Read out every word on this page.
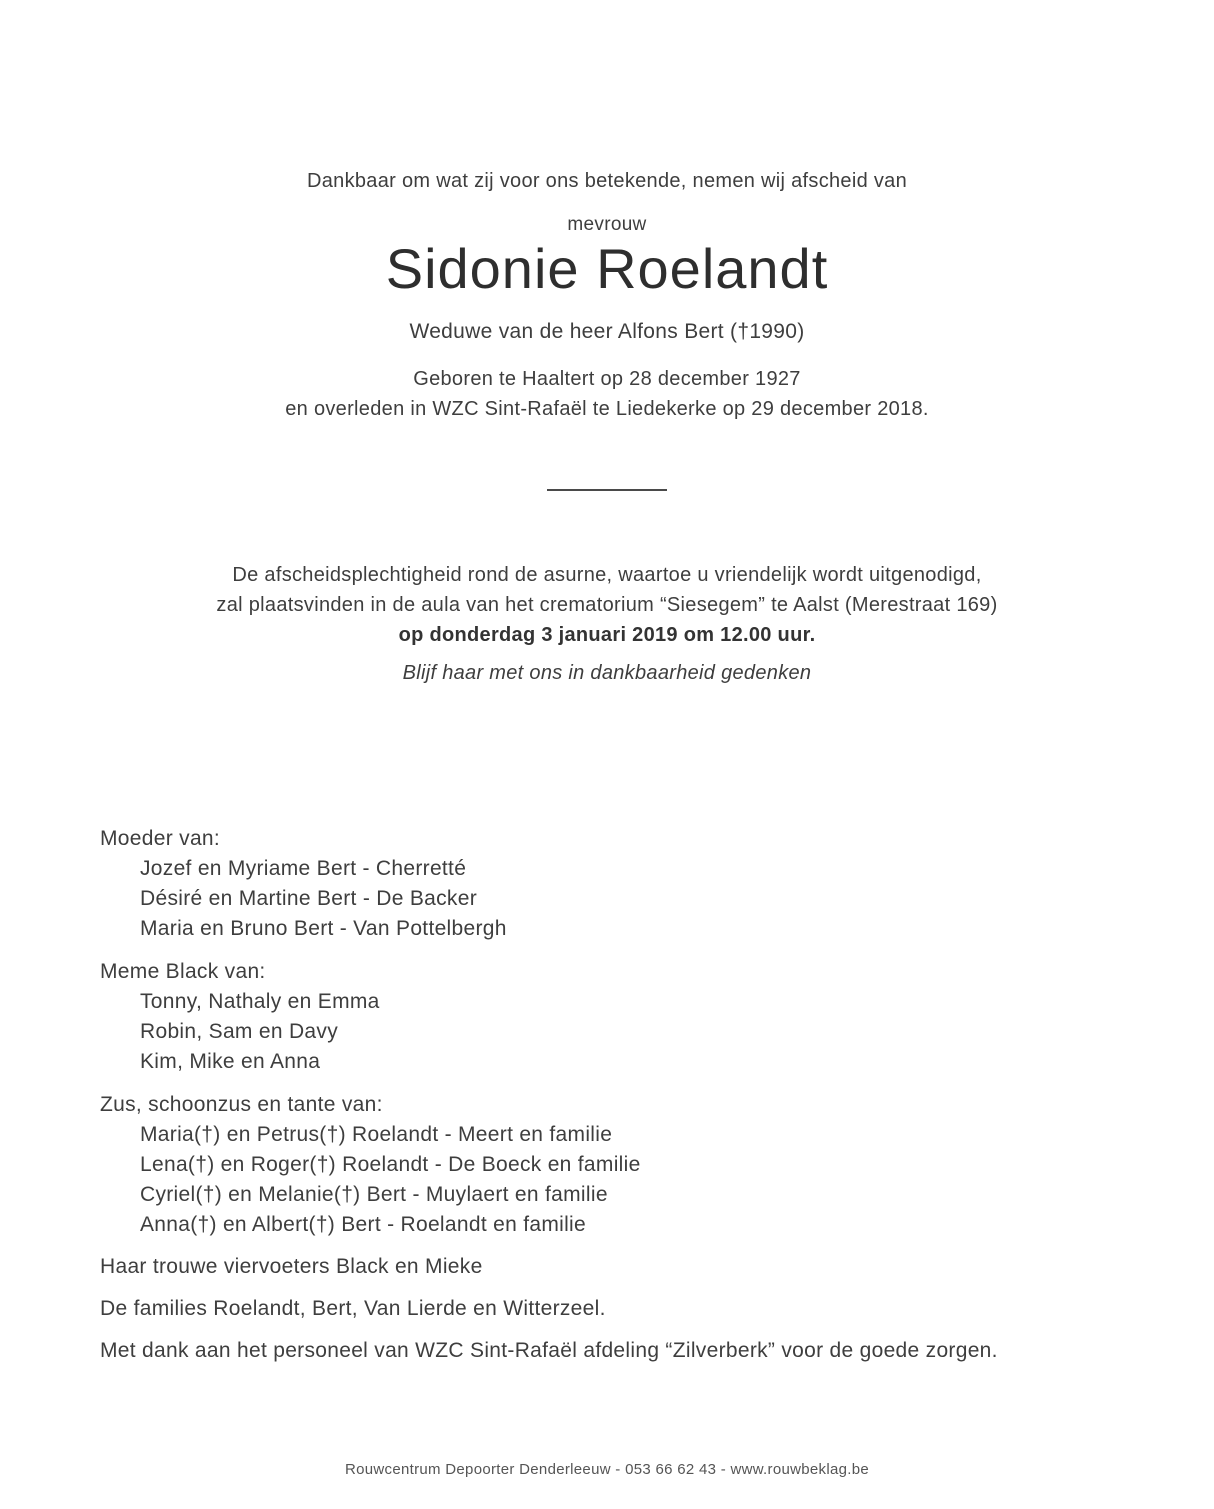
Dankbaar om wat zij voor ons betekende, nemen wij afscheid van
mevrouw
Sidonie Roelandt
Weduwe van de heer Alfons Bert (†1990)
Geboren te Haaltert op 28 december 1927
en overleden in WZC Sint-Rafaël te Liedekerke op 29 december 2018.
De afscheidsplechtigheid rond de asurne, waartoe u vriendelijk wordt uitgenodigd,
zal plaatsvinden in de aula van het crematorium “Siesegem” te Aalst (Merestraat 169)
op donderdag 3 januari 2019 om 12.00 uur.
Blijf haar met ons in dankbaarheid gedenken
Moeder van:
Jozef en Myriame Bert - Cherretté
Désiré en Martine Bert - De Backer
Maria en Bruno Bert - Van Pottelbergh
Meme Black van:
Tonny, Nathaly en Emma
Robin, Sam en Davy
Kim, Mike en Anna
Zus, schoonzus en tante van:
Maria(†) en Petrus(†) Roelandt - Meert en familie
Lena(†) en Roger(†) Roelandt - De Boeck en familie
Cyriel(†) en Melanie(†) Bert - Muylaert en familie
Anna(†) en Albert(†) Bert - Roelandt en familie
Haar trouwe viervoeters Black en Mieke
De families Roelandt, Bert, Van Lierde en Witterzeel.
Met dank aan het personeel van WZC Sint-Rafaël afdeling “Zilverberk” voor de goede zorgen.
Rouwcentrum Depoorter Denderleeuw - 053 66 62 43 - www.rouwbeklag.be
